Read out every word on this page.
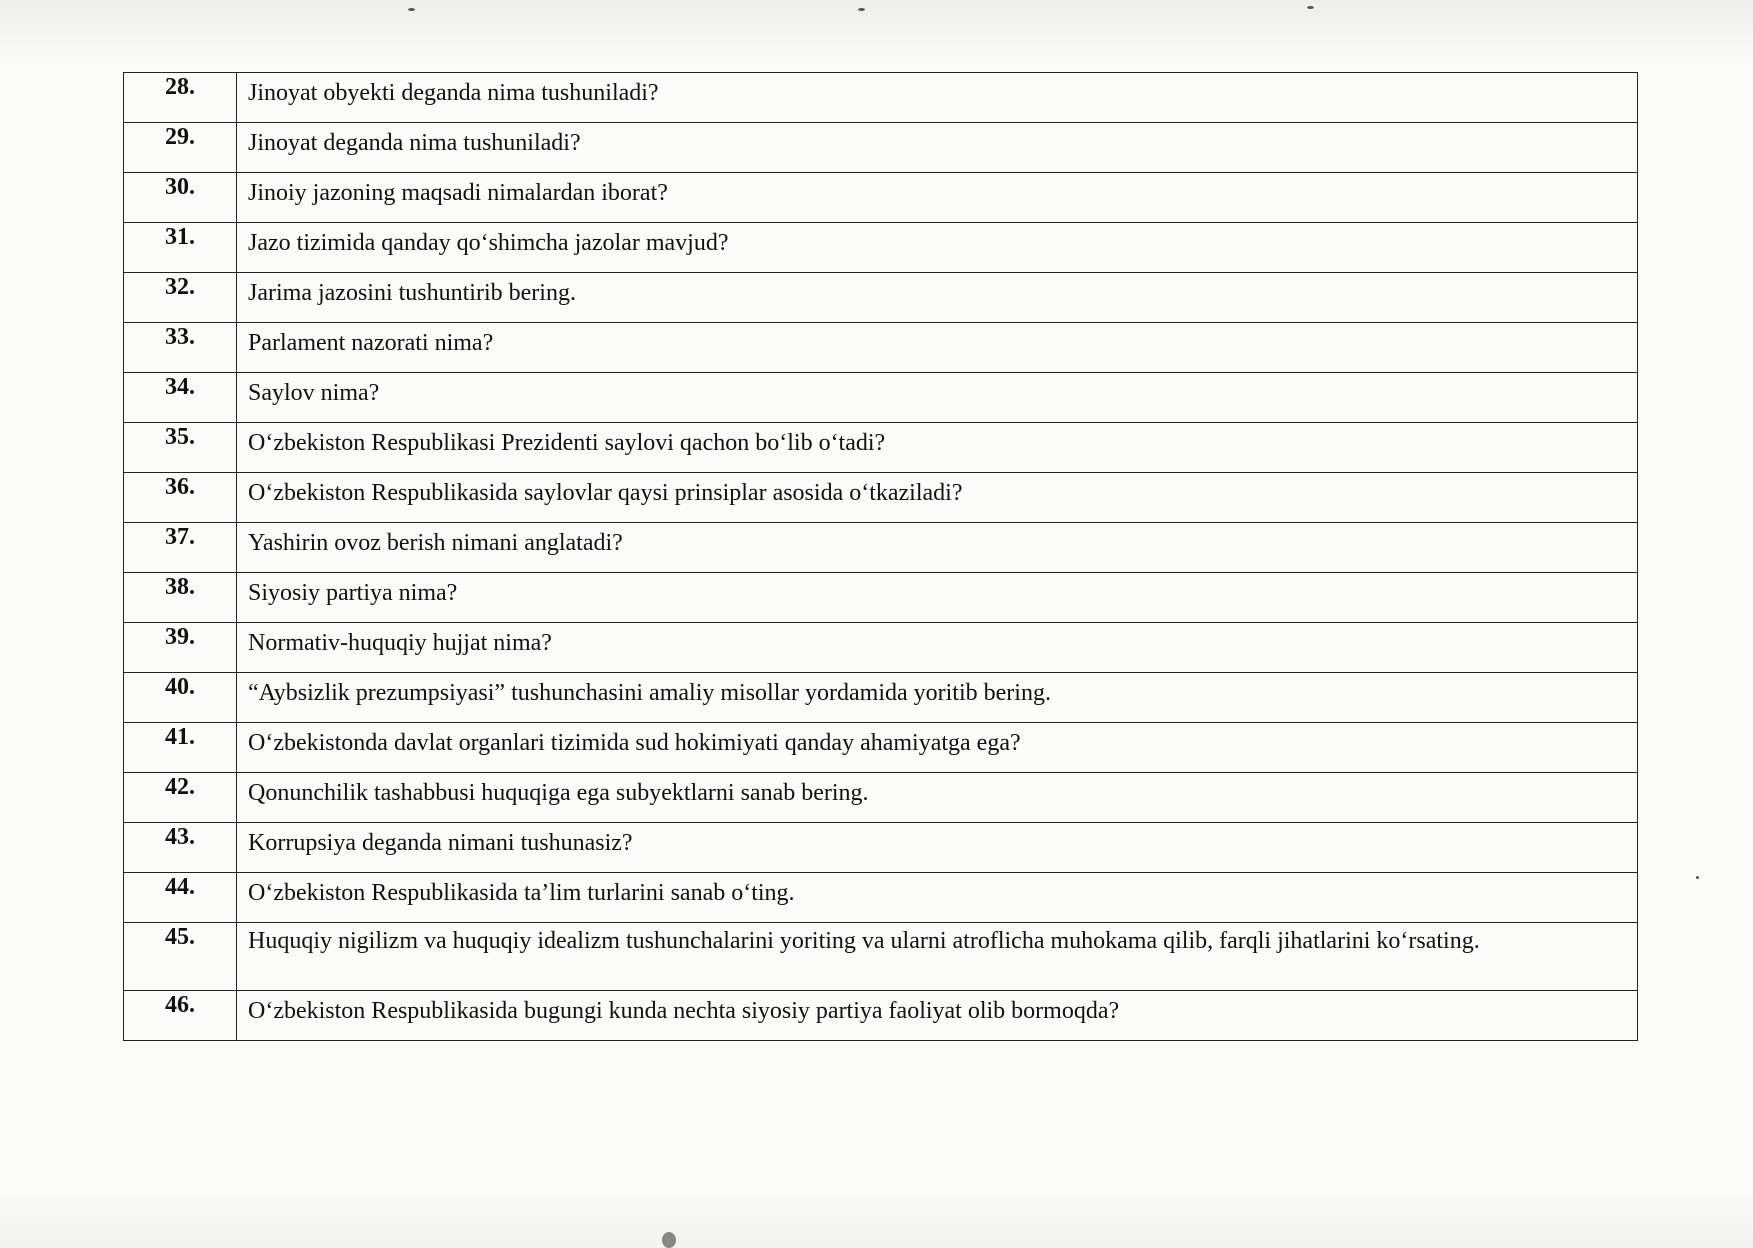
28.	Jinoyat obyekti deganda nima tushuniladi?
29.	Jinoyat deganda nima tushuniladi?
30.	Jinoiy jazoning maqsadi nimalardan iborat?
31.	Jazo tizimida qanday qo‘shimcha jazolar mavjud?
32.	Jarima jazosini tushuntirib bering.
33.	Parlament nazorati nima?
34.	Saylov nima?
35.	O‘zbekiston Respublikasi Prezidenti saylovi qachon bo‘lib o‘tadi?
36.	O‘zbekiston Respublikasida saylovlar qaysi prinsiplar asosida o‘tkaziladi?
37.	Yashirin ovoz berish nimani anglatadi?
38.	Siyosiy partiya nima?
39.	Normativ-huquqiy hujjat nima?
40.	“Aybsizlik prezumpsiyasi” tushunchasini amaliy misollar yordamida yoritib bering.
41.	O‘zbekistonda davlat organlari tizimida sud hokimiyati qanday ahamiyatga ega?
42.	Qonunchilik tashabbusi huquqiga ega subyektlarni sanab bering.
43.	Korrupsiya deganda nimani tushunasiz?
44.	O‘zbekiston Respublikasida ta’lim turlarini sanab o‘ting.
45.	Huquqiy nigilizm va huquqiy idealizm tushunchalarini yoriting va ularni atroflicha muhokama qilib, farqli jihatlarini ko‘rsating.
46.	O‘zbekiston Respublikasida bugungi kunda nechta siyosiy partiya faoliyat olib bormoqda?
